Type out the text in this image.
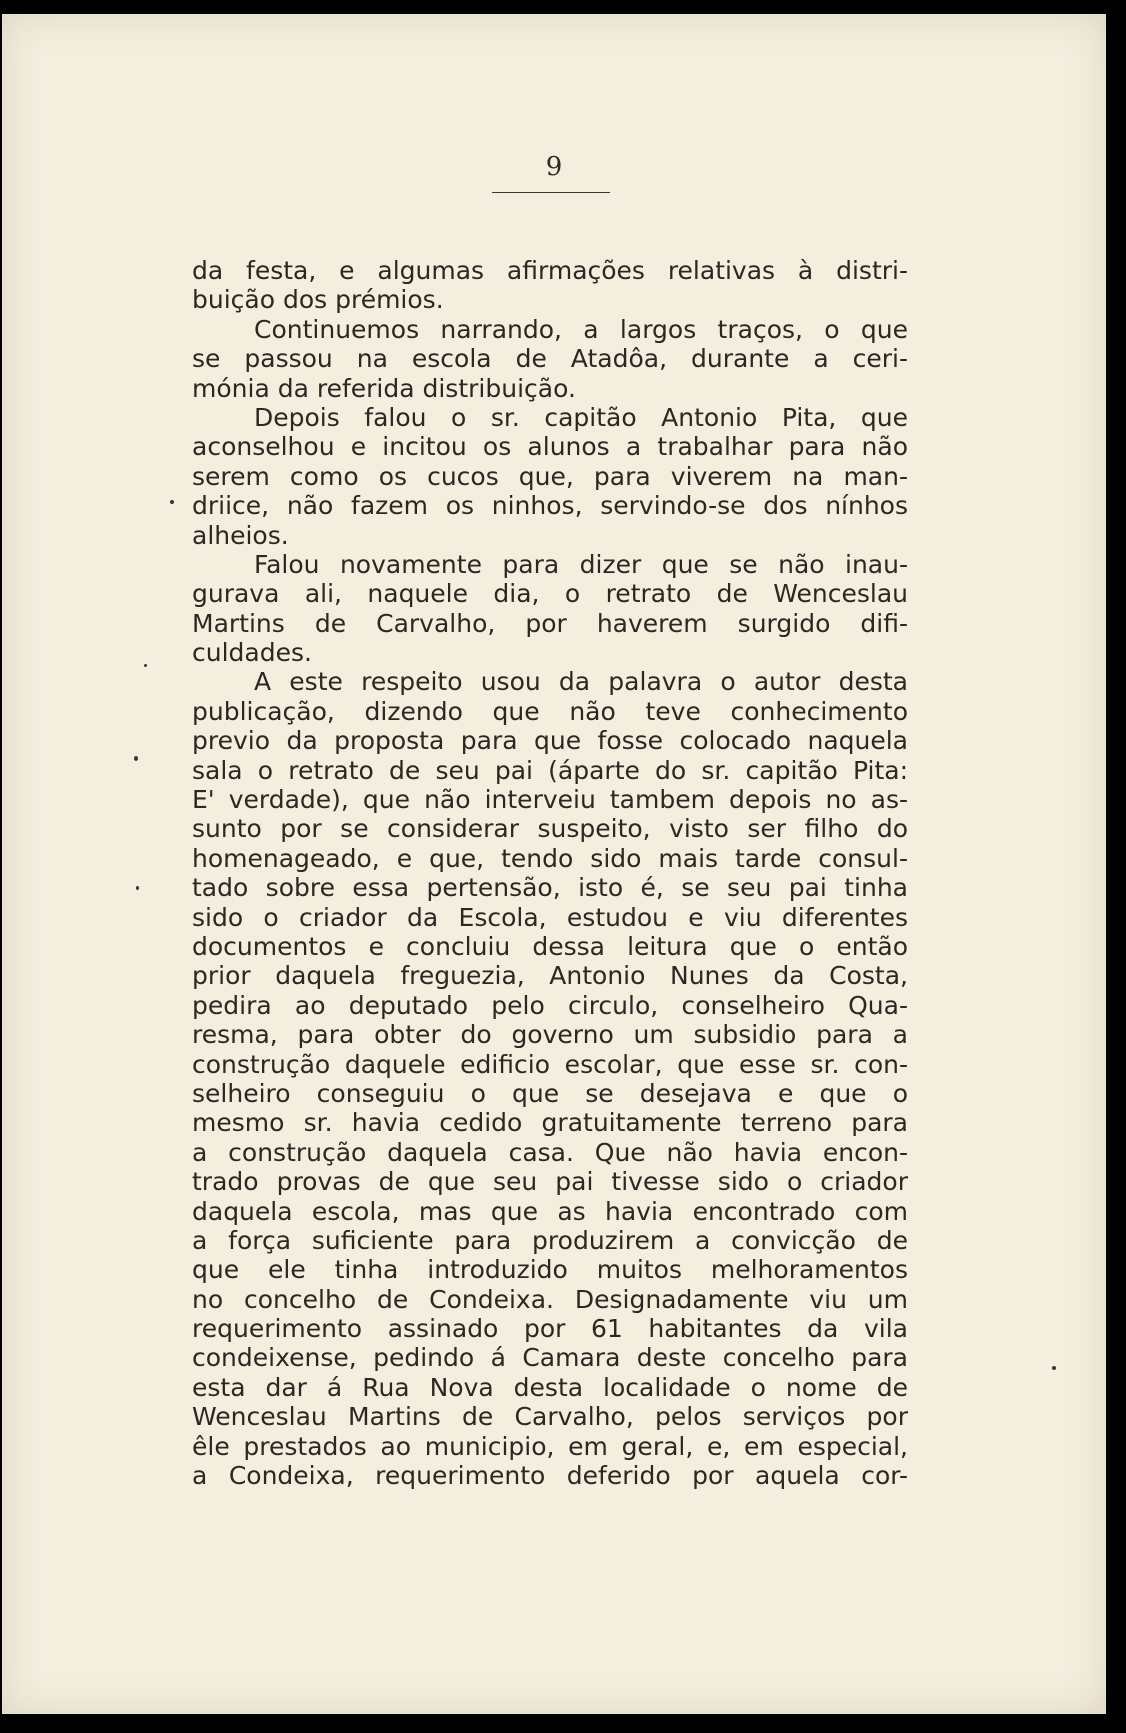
9
da festa, e algumas afirmações relativas à distri-
buição dos prémios.
Continuemos narrando, a largos traços, o que
se passou na escola de Atadôa, durante a ceri-
mónia da referida distribuição.
Depois falou o sr. capitão Antonio Pita, que
aconselhou e incitou os alunos a trabalhar para não
serem como os cucos que, para viverem na man-
driice, não fazem os ninhos, servindo-se dos nínhos
alheios.
Falou novamente para dizer que se não inau-
gurava ali, naquele dia, o retrato de Wenceslau
Martins de Carvalho, por haverem surgido difi-
culdades.
A este respeito usou da palavra o autor desta
publicação, dizendo que não teve conhecimento
previo da proposta para que fosse colocado naquela
sala o retrato de seu pai (áparte do sr. capitão Pita:
E' verdade), que não interveiu tambem depois no as-
sunto por se considerar suspeito, visto ser filho do
homenageado, e que, tendo sido mais tarde consul-
tado sobre essa pertensão, isto é, se seu pai tinha
sido o criador da Escola, estudou e viu diferentes
documentos e concluiu dessa leitura que o então
prior daquela freguezia, Antonio Nunes da Costa,
pedira ao deputado pelo circulo, conselheiro Qua-
resma, para obter do governo um subsidio para a
construção daquele edificio escolar, que esse sr. con-
selheiro conseguiu o que se desejava e que o
mesmo sr. havia cedido gratuitamente terreno para
a construção daquela casa. Que não havia encon-
trado provas de que seu pai tivesse sido o criador
daquela escola, mas que as havia encontrado com
a força suficiente para produzirem a convicção de
que ele tinha introduzido muitos melhoramentos
no concelho de Condeixa. Designadamente viu um
requerimento assinado por 61 habitantes da vila
condeixense, pedindo á Camara deste concelho para
esta dar á Rua Nova desta localidade o nome de
Wenceslau Martins de Carvalho, pelos serviços por
êle prestados ao municipio, em geral, e, em especial,
a Condeixa, requerimento deferido por aquela cor-
